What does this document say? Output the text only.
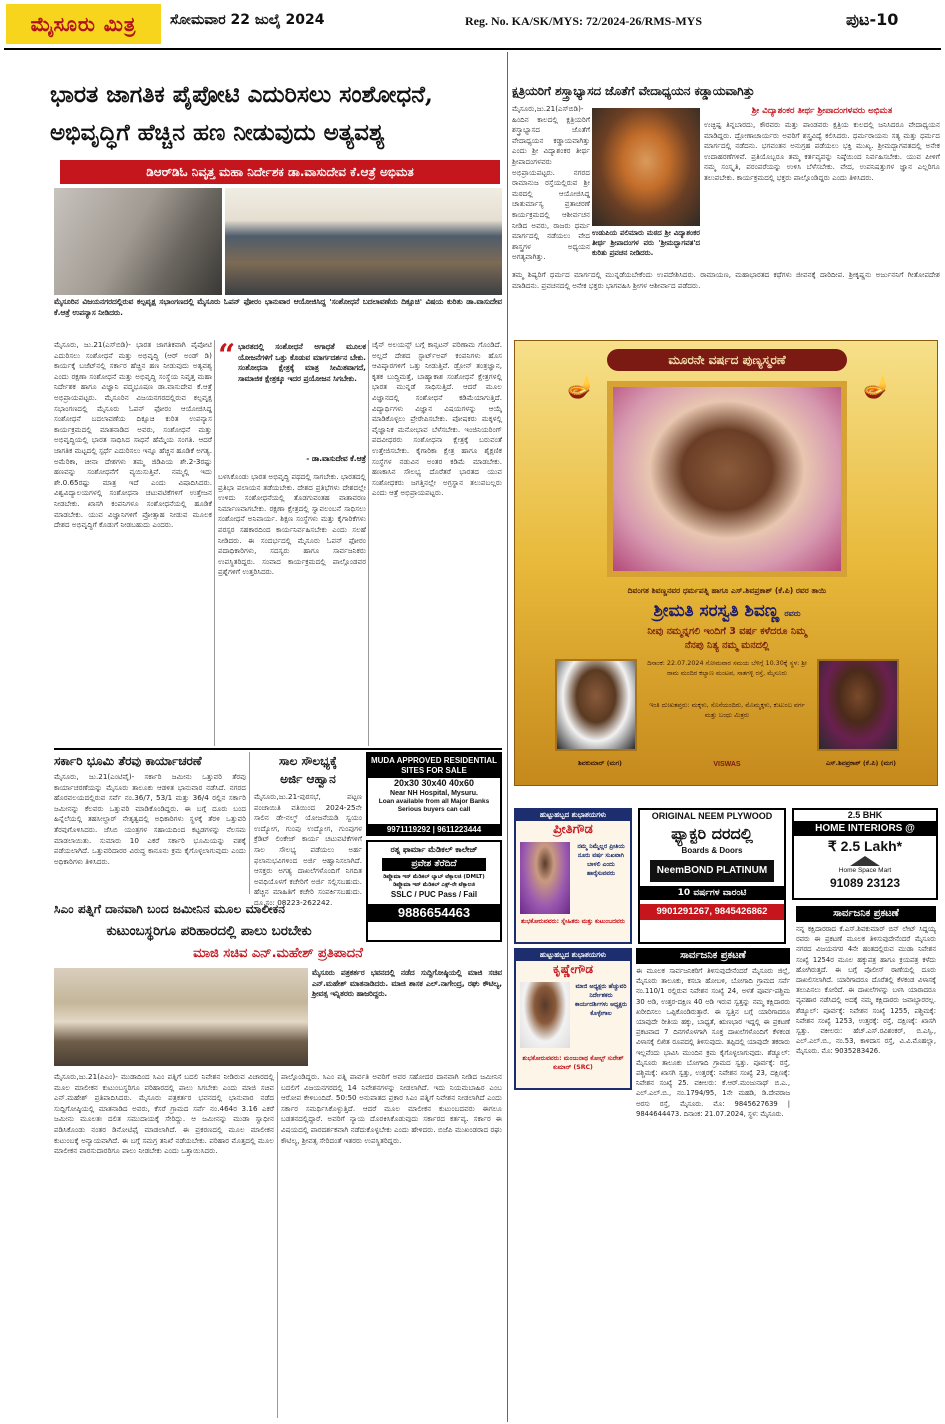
ಮೈಸೂರು ಮಿತ್ರ	ಸೋಮವಾರ 22 ಜುಲೈ 2024	Reg. No. KA/SK/MYS: 72/2024-26/RMS-MYS	ಪುಟ-10
ಭಾರತ ಜಾಗತಿಕ ಪೈಪೋಟಿ ಎದುರಿಸಲು ಸಂಶೋಧನೆ,
ಅಭಿವೃದ್ಧಿಗೆ ಹೆಚ್ಚಿನ ಹಣ ನೀಡುವುದು ಅತ್ಯವಶ್ಯ
ಡಿಆರ್‌ಡಿಓ ನಿವೃತ್ತ ಮಹಾ ನಿರ್ದೇಶಕ ಡಾ.ವಾಸುದೇವ ಕೆ.ಆತ್ರೆ ಅಭಿಮತ
ಮೈಸೂರಿನ ವಿಜಯನಗರದಲ್ಲಿರುವ ಕಲ್ಪವೃಕ್ಷ ಸಭಾಂಗಣದಲ್ಲಿ ಮೈಸೂರು ಓಪನ್ ಫೋರಂ ಭಾನುವಾರ ಆಯೋಜಿಸಿದ್ದ 'ಸಂಶೋಧನೆ ಬದಲಾವಣೆಯ ದಿಕ್ಸೂಚಿ' ವಿಷಯ ಕುರಿತು ಡಾ.ವಾಸುದೇವ ಕೆ.ಆತ್ರೆ ಉಪನ್ಯಾಸ ನೀಡಿದರು.
ಮೈಸೂರು, ಜು.21(ಎಸ್‌ಬಿಡಿ)- ಭಾರತ ಜಾಗತಿಕವಾಗಿ ಪೈಪೋಟಿ ಎದುರಿಸಲು ಸಂಶೋಧನೆ ಮತ್ತು ಅಭಿವೃದ್ಧಿ (ಆರ್ ಅಂಡ್ ಡಿ) ಕಾರ್ಯಕ್ಕೆ ಬಜೆಟ್‌ನಲ್ಲಿ ಸರ್ಕಾರ ಹೆಚ್ಚಿನ ಹಣ ನೀಡುವುದು ಅತ್ಯವಶ್ಯ ಎಂದು ರಕ್ಷಣಾ ಸಂಶೋಧನೆ ಮತ್ತು ಅಭಿವೃದ್ಧಿ ಸಂಸ್ಥೆಯ ನಿವೃತ್ತ ಮಹಾ ನಿರ್ದೇಶಕ ಹಾಗೂ ವಿಜ್ಞಾನಿ ಪದ್ಮಭೂಷಣ ಡಾ.ವಾಸುದೇವ ಕೆ.ಆತ್ರೆ ಅಭಿಪ್ರಾಯಪಟ್ಟರು. ಮೈಸೂರಿನ ವಿಜಯನಗರದಲ್ಲಿರುವ ಕಲ್ಪವೃಕ್ಷ ಸಭಾಂಗಣದಲ್ಲಿ ಮೈಸೂರು ಓಪನ್ ಫೋರಂ ಆಯೋಜಿಸಿದ್ದ ಸಂಶೋಧನೆ ಬದಲಾವಣೆಯ ದಿಕ್ಸೂಚಿ ಕುರಿತ ಉಪನ್ಯಾಸ ಕಾರ್ಯಕ್ರಮದಲ್ಲಿ ಮಾತನಾಡಿದ ಅವರು, ಸಂಶೋಧನೆ ಮತ್ತು ಅಭಿವೃದ್ಧಿಯಲ್ಲಿ ಭಾರತ ಸಾಧಿಸಿದ ಸಾಧನೆ ಹೆಮ್ಮೆಯ ಸಂಗತಿ. ಆದರೆ ಜಾಗತಿಕ ಮಟ್ಟದಲ್ಲಿ ಸ್ಪರ್ಧೆ ಎದುರಿಸಲು ಇನ್ನೂ ಹೆಚ್ಚಿನ ಹೂಡಿಕೆ ಅಗತ್ಯ. ಅಮೆರಿಕಾ, ಚೀನಾ ದೇಶಗಳು ತಮ್ಮ ಜಿಡಿಪಿಯ ಶೇ.2-3ರಷ್ಟು ಹಣವನ್ನು ಸಂಶೋಧನೆಗೆ ವ್ಯಯಿಸುತ್ತಿವೆ. ನಮ್ಮಲ್ಲಿ ಇದು ಶೇ.0.65ರಷ್ಟು ಮಾತ್ರ ಇದೆ ಎಂದು ವಿಷಾದಿಸಿದರು. ವಿಶ್ವವಿದ್ಯಾಲಯಗಳಲ್ಲಿ ಸಂಶೋಧನಾ ಚಟುವಟಿಕೆಗಳಿಗೆ ಉತ್ತೇಜನ ನೀಡಬೇಕು. ಖಾಸಗಿ ಕಂಪನಿಗಳೂ ಸಂಶೋಧನೆಯಲ್ಲಿ ಹೂಡಿಕೆ ಮಾಡಬೇಕು. ಯುವ ವಿಜ್ಞಾನಿಗಳಿಗೆ ಪ್ರೋತ್ಸಾಹ ನೀಡುವ ಮೂಲಕ ದೇಶದ ಅಭಿವೃದ್ಧಿಗೆ ಕೊಡುಗೆ ನೀಡಬಹುದು ಎಂದರು.
“ ಭಾರತದಲ್ಲಿ ಸಂಶೋಧನೆ ಅಗಾಧತೆ ಮೂಲಕ ಯೋಜನೆಗಳಿಗೆ ಒತ್ತು ಕೊಡುವ ಮಾರ್ಗದರ್ಶನ ಬೇಕು. ಸಂಶೋಧನಾ ಕ್ಷೇತ್ರಕ್ಕೆ ಮಾತ್ರ ಸೀಮಿತವಾಗದೆ, ಸಾಮಾಜಿಕ ಕ್ಷೇತ್ರಕ್ಕೂ ಇದರ ಪ್ರಯೋಜನ ಸಿಗಬೇಕು.
- ಡಾ.ವಾಸುದೇವ ಕೆ.ಆತ್ರೆ
ಬಳಸಿಕೊಂಡು ಭಾರತ ಅಭಿವೃದ್ಧಿ ಪಥದಲ್ಲಿ ಸಾಗಬೇಕು. ಭಾರತದಲ್ಲಿ ಪ್ರತಿಭಾ ಪಲಾಯನ ತಡೆಯಬೇಕು. ದೇಶದ ಪ್ರತಿಭೆಗಳು ದೇಶದಲ್ಲೇ ಉಳಿದು ಸಂಶೋಧನೆಯಲ್ಲಿ ತೊಡಗುವಂತಹ ವಾತಾವರಣ ನಿರ್ಮಾಣವಾಗಬೇಕು. ರಕ್ಷಣಾ ಕ್ಷೇತ್ರದಲ್ಲಿ ಸ್ವಾವಲಂಬನೆ ಸಾಧಿಸಲು ಸಂಶೋಧನೆ ಅನಿವಾರ್ಯ. ಶಿಕ್ಷಣ ಸಂಸ್ಥೆಗಳು ಮತ್ತು ಕೈಗಾರಿಕೆಗಳು ಪರಸ್ಪರ ಸಹಕಾರದಿಂದ ಕಾರ್ಯನಿರ್ವಹಿಸಬೇಕು ಎಂದು ಸಲಹೆ ನೀಡಿದರು. ಈ ಸಂದರ್ಭದಲ್ಲಿ ಮೈಸೂರು ಓಪನ್ ಫೋರಂ ಪದಾಧಿಕಾರಿಗಳು, ಸದಸ್ಯರು ಹಾಗೂ ಸಾರ್ವಜನಿಕರು ಉಪಸ್ಥಿತರಿದ್ದರು. ಸಂವಾದ ಕಾರ್ಯಕ್ರಮದಲ್ಲಿ ಪಾಲ್ಗೊಂಡವರ ಪ್ರಶ್ನೆಗಳಿಗೆ ಉತ್ತರಿಸಿದರು.
ಚೈನ್ ಅಲಯನ್ಸ್ ಬಗ್ಗೆ ಕಾನ್ಸಟನ್‌ ಪರಿಣಾಮ ಗೊಂಡಿದೆ. ಅಲ್ಲದೆ ದೇಶದ ಸ್ಟಾರ್ಟ್‌ಅಪ್ ಕಂಪನಿಗಳು ಹೊಸ ಆವಿಷ್ಕಾರಗಳಿಗೆ ಒತ್ತು ನೀಡುತ್ತಿವೆ. ಡ್ರೋನ್ ತಂತ್ರಜ್ಞಾನ, ಕೃತಕ ಬುದ್ಧಿಮತ್ತೆ, ಬಾಹ್ಯಾಕಾಶ ಸಂಶೋಧನೆ ಕ್ಷೇತ್ರಗಳಲ್ಲಿ ಭಾರತ ಮುನ್ನಡೆ ಸಾಧಿಸುತ್ತಿದೆ. ಆದರೆ ಮೂಲ ವಿಜ್ಞಾನದಲ್ಲಿ ಸಂಶೋಧನೆ ಕಡಿಮೆಯಾಗುತ್ತಿದೆ. ವಿದ್ಯಾರ್ಥಿಗಳು ವಿಜ್ಞಾನ ವಿಷಯಗಳನ್ನು ಆಯ್ಕೆ ಮಾಡಿಕೊಳ್ಳಲು ಪ್ರೇರೇಪಿಸಬೇಕು. ಪೋಷಕರು ಮಕ್ಕಳಲ್ಲಿ ವೈಜ್ಞಾನಿಕ ಮನೋಭಾವ ಬೆಳೆಸಬೇಕು. ಇಂಜಿನಿಯರಿಂಗ್ ಪದವೀಧರರು ಸಂಶೋಧನಾ ಕ್ಷೇತ್ರಕ್ಕೆ ಬರುವಂತೆ ಉತ್ತೇಜಿಸಬೇಕು. ಕೈಗಾರಿಕಾ ಕ್ಷೇತ್ರ ಹಾಗೂ ಶೈಕ್ಷಣಿಕ ಸಂಸ್ಥೆಗಳ ನಡುವಿನ ಅಂತರ ಕಡಿಮೆ ಮಾಡಬೇಕು. ಹಣಕಾಸಿನ ಸೌಲಭ್ಯ ದೊರೆತರೆ ಭಾರತದ ಯುವ ಸಂಶೋಧಕರು ಜಗತ್ತಿನಲ್ಲೇ ಅಗ್ರಸ್ಥಾನ ತಲುಪಬಲ್ಲರು ಎಂದು ಆತ್ರೆ ಅಭಿಪ್ರಾಯಪಟ್ಟರು.
ಸರ್ಕಾರಿ ಭೂಮಿ ತೆರವು ಕಾರ್ಯಾಚರಣೆ
ಮೈಸೂರು, ಜು.21(ಎಂಟಿವೈ)- ಸರ್ಕಾರಿ ಜಮೀನು ಒತ್ತುವರಿ ತೆರವು ಕಾರ್ಯಾಚರಣೆಯನ್ನು ಮೈಸೂರು ತಾಲೂಕು ಆಡಳಿತ ಭಾನುವಾರ ನಡೆಸಿದೆ. ನಗರದ ಹೊರವಲಯದಲ್ಲಿರುವ ಸರ್ವೆ ನಂ.36/7, 53/1 ಮತ್ತು 36/4 ರಲ್ಲಿನ ಸರ್ಕಾರಿ ಜಮೀನನ್ನು ಕೆಲವರು ಒತ್ತುವರಿ ಮಾಡಿಕೊಂಡಿದ್ದರು. ಈ ಬಗ್ಗೆ ದೂರು ಬಂದ ಹಿನ್ನೆಲೆಯಲ್ಲಿ ತಹಸೀಲ್ದಾರ್ ನೇತೃತ್ವದಲ್ಲಿ ಅಧಿಕಾರಿಗಳು ಸ್ಥಳಕ್ಕೆ ತೆರಳಿ ಒತ್ತುವರಿ ತೆರವುಗೊಳಿಸಿದರು. ಜೆಸಿಬಿ ಯಂತ್ರಗಳ ಸಹಾಯದಿಂದ ಕಟ್ಟಡಗಳನ್ನು ನೆಲಸಮ ಮಾಡಲಾಯಿತು. ಸುಮಾರು 10 ಎಕರೆ ಸರ್ಕಾರಿ ಭೂಮಿಯನ್ನು ವಶಕ್ಕೆ ಪಡೆಯಲಾಗಿದೆ. ಒತ್ತುವರಿದಾರರ ವಿರುದ್ಧ ಕಾನೂನು ಕ್ರಮ ಕೈಗೊಳ್ಳಲಾಗುವುದು ಎಂದು ಅಧಿಕಾರಿಗಳು ತಿಳಿಸಿದರು.
ಸಾಲ ಸೌಲಭ್ಯಕ್ಕೆ
ಅರ್ಜಿ ಆಹ್ವಾನ
ಮೈಸೂರು,ಜು.21-ಪುರಸಭೆ, ಪಟ್ಟಣ ಪಂಚಾಯಿತಿ ವತಿಯಿಂದ 2024-25ನೇ ಸಾಲಿನ ಡೇ-ನಲ್ಮ್ ಯೋಜನೆಯಡಿ ಸ್ವಯಂ ಉದ್ಯೋಗ, ಗುಂಪು ಉದ್ಯೋಗ, ಗುಂಪುಗಳ ಕ್ರೆಡಿಟ್ ಲಿಂಕೇಜ್ ಕಾರ್ಯ ಚಟುವಟಿಕೆಗಳಿಗೆ ಸಾಲ ಸೌಲಭ್ಯ ಪಡೆಯಲು ಅರ್ಹ ಫಲಾನುಭವಿಗಳಿಂದ ಅರ್ಜಿ ಆಹ್ವಾನಿಸಲಾಗಿದೆ. ಆಸಕ್ತರು ಅಗತ್ಯ ದಾಖಲೆಗಳೊಂದಿಗೆ ನಿಗದಿತ ಅವಧಿಯೊಳಗೆ ಕಚೇರಿಗೆ ಅರ್ಜಿ ಸಲ್ಲಿಸಬಹುದು. ಹೆಚ್ಚಿನ ಮಾಹಿತಿಗೆ ಕಚೇರಿ ಸಂಪರ್ಕಿಸಬಹುದು. ದೂ.ಸಂ: 08223-262242.
MUDA APPROVED RESIDENTIAL SITES FOR SALE
20x30 30x40 40x60
Near NH Hospital, Mysuru.
Loan available from all Major Banks
Serious buyers can call
9971119292 | 9611223444
ರತ್ನ ಫಾರ್ಮಾ ಮೆಡಿಕಲ್ ಕಾಲೇಜ್
ಪ್ರವೇಶ ತೆರೆದಿದೆ
ಡಿಪ್ಲೊಮಾ ಇನ್ ಮೆಡಿಕಲ್ ಲ್ಯಾಬ್ ಟೆಕ್ನಾಲಜಿ (DMLT)
ಡಿಪ್ಲೊಮಾ ಇನ್ ಮೆಡಿಕಲ್ ಎಕ್ಸ್-ರೇ ಟೆಕ್ನಾಲಜಿ
SSLC / PUC Pass / Fail
9886654463
ಸಿಎಂ ಪತ್ನಿಗೆ ದಾನವಾಗಿ ಬಂದ ಜಮೀನಿನ ಮೂಲ ಮಾಲೀಕನ
ಕುಟುಂಬಸ್ಥರಿಗೂ ಪರಿಹಾರದಲ್ಲಿ ಪಾಲು ಬರಬೇಕು
ಮಾಜಿ ಸಚಿವ ಎನ್.ಮಹೇಶ್ ಪ್ರತಿಪಾದನೆ
ಮೈಸೂರು ಪತ್ರಕರ್ತರ ಭವನದಲ್ಲಿ ನಡೆದ ಸುದ್ದಿಗೋಷ್ಠಿಯಲ್ಲಿ ಮಾಜಿ ಸಚಿವ ಎನ್.ಮಹೇಶ್ ಮಾತನಾಡಿದರು. ಮಾಜಿ ಶಾಸಕ ಎಲ್.ನಾಗೇಂದ್ರ, ರಘು ಕೌಟಿಲ್ಯ, ಶ್ರೀವತ್ಸ ಇನ್ನಿತರರು ಹಾಜರಿದ್ದರು.
ಮೈಸೂರು,ಜು.21(ಪಿಎಂ)- ಮುಡಾದಿಂದ ಸಿಎಂ ಪತ್ನಿಗೆ ಬದಲಿ ನಿವೇಶನ ನೀಡಿರುವ ವಿಚಾರದಲ್ಲಿ ಮೂಲ ಮಾಲೀಕನ ಕುಟುಂಬಸ್ಥರಿಗೂ ಪರಿಹಾರದಲ್ಲಿ ಪಾಲು ಸಿಗಬೇಕು ಎಂದು ಮಾಜಿ ಸಚಿವ ಎನ್.ಮಹೇಶ್ ಪ್ರತಿಪಾದಿಸಿದರು. ಮೈಸೂರು ಪತ್ರಕರ್ತರ ಭವನದಲ್ಲಿ ಭಾನುವಾರ ನಡೆದ ಸುದ್ದಿಗೋಷ್ಠಿಯಲ್ಲಿ ಮಾತನಾಡಿದ ಅವರು, ಕೆಸರೆ ಗ್ರಾಮದ ಸರ್ವೆ ನಂ.464ರ 3.16 ಎಕರೆ ಜಮೀನು ಮೂಲತಃ ದಲಿತ ಸಮುದಾಯಕ್ಕೆ ಸೇರಿದ್ದು. ಆ ಜಮೀನನ್ನು ಮುಡಾ ಸ್ವಾಧೀನ ಪಡಿಸಿಕೊಂಡು ನಂತರ ಡಿನೋಟಿಫೈ ಮಾಡಲಾಗಿದೆ. ಈ ಪ್ರಕರಣದಲ್ಲಿ ಮೂಲ ಮಾಲೀಕನ ಕುಟುಂಬಕ್ಕೆ ಅನ್ಯಾಯವಾಗಿದೆ. ಈ ಬಗ್ಗೆ ಸಮಗ್ರ ತನಿಖೆ ನಡೆಯಬೇಕು. ಪರಿಹಾರ ಮೊತ್ತದಲ್ಲಿ ಮೂಲ ಮಾಲೀಕನ ವಾರಸುದಾರರಿಗೂ ಪಾಲು ನೀಡಬೇಕು ಎಂದು ಒತ್ತಾಯಿಸಿದರು.
ಪಾಲ್ಗೊಂಡಿದ್ದರು. ಸಿಎಂ ಪತ್ನಿ ಪಾರ್ವತಿ ಅವರಿಗೆ ಅವರ ಸಹೋದರ ದಾನವಾಗಿ ನೀಡಿದ ಜಮೀನಿನ ಬದಲಿಗೆ ವಿಜಯನಗರದಲ್ಲಿ 14 ನಿವೇಶನಗಳನ್ನು ನೀಡಲಾಗಿದೆ. ಇದು ನಿಯಮಬಾಹಿರ ಎಂಬ ಆರೋಪ ಕೇಳಿಬಂದಿದೆ. 50:50 ಅನುಪಾತದ ಪ್ರಕಾರ ಸಿಎಂ ಪತ್ನಿಗೆ ನಿವೇಶನ ನೀಡಲಾಗಿದೆ ಎಂದು ಸರ್ಕಾರ ಸಮರ್ಥಿಸಿಕೊಳ್ಳುತ್ತಿದೆ. ಆದರೆ ಮೂಲ ಮಾಲೀಕನ ಕುಟುಂಬದವರು ಈಗಲೂ ಬಡತನದಲ್ಲಿದ್ದಾರೆ. ಅವರಿಗೆ ನ್ಯಾಯ ದೊರಕಿಸಿಕೊಡುವುದು ಸರ್ಕಾರದ ಕರ್ತವ್ಯ. ಸರ್ಕಾರ ಈ ವಿಷಯದಲ್ಲಿ ಪಾರದರ್ಶಕವಾಗಿ ನಡೆದುಕೊಳ್ಳಬೇಕು ಎಂದು ಹೇಳಿದರು. ಬಿಜೆಪಿ ಮುಖಂಡರಾದ ರಘು ಕೌಟಿಲ್ಯ, ಶ್ರೀವತ್ಸ ಸೇರಿದಂತೆ ಇತರರು ಉಪಸ್ಥಿತರಿದ್ದರು.
ಕ್ಷತ್ರಿಯರಿಗೆ ಶಸ್ತ್ರಾಭ್ಯಾಸದ ಜೊತೆಗೆ ವೇದಾಧ್ಯಯನ ಕಡ್ಡಾಯವಾಗಿತ್ತು
ಮೈಸೂರು,ಜು.21(ಎಸ್‌ಬಿಡಿ)- ಹಿಂದಿನ ಕಾಲದಲ್ಲಿ ಕ್ಷತ್ರಿಯರಿಗೆ ಶಸ್ತ್ರಾಭ್ಯಾಸದ ಜೊತೆಗೆ ವೇದಾಧ್ಯಯನ ಕಡ್ಡಾಯವಾಗಿತ್ತು ಎಂದು ಶ್ರೀ ವಿದ್ಯಾಶಂಕರ ತೀರ್ಥ ಶ್ರೀಪಾದಂಗಳವರು ಅಭಿಪ್ರಾಯಪಟ್ಟರು. ನಗರದ ರಾಮಾನುಜ ರಸ್ತೆಯಲ್ಲಿರುವ ಶ್ರೀ ಮಠದಲ್ಲಿ ಆಯೋಜಿಸಿದ್ದ ಚಾತುರ್ಮಾಸ್ಯ ವ್ರತಾಚರಣೆ ಕಾರ್ಯಕ್ರಮದಲ್ಲಿ ಆಶೀರ್ವಚನ ನೀಡಿದ ಅವರು, ರಾಜರು ಧರ್ಮ ಮಾರ್ಗದಲ್ಲಿ ನಡೆಯಲು ವೇದ ಶಾಸ್ತ್ರಗಳ ಅಧ್ಯಯನ ಅಗತ್ಯವಾಗಿತ್ತು.
ಉಡುಪಿಯ ಪಲಿಮಾರು ಮಠದ ಶ್ರೀ ವಿದ್ಯಾಶಂಕರ ತೀರ್ಥ ಶ್ರೀಪಾದಂಗಳ ವರು 'ಶ್ರೀಮದ್ಭಾಗವತ'ದ ಕುರಿತು ಪ್ರವಚನ ನೀಡಿದರು.
ಶ್ರೀ ವಿದ್ಯಾಶಂಕರ ತೀರ್ಥ ಶ್ರೀಪಾದಂಗಳವರು ಅಭಿಮತ
ಉಚ್ಛಿಷ್ಟ ತಿನ್ನಬಾರದು, ಕೌರವರು ಮತ್ತು ಪಾಂಡವರು ಕ್ಷತ್ರಿಯ ಕುಲದಲ್ಲಿ ಜನಿಸಿದರೂ ವೇದಾಧ್ಯಯನ ಮಾಡಿದ್ದರು. ದ್ರೋಣಾಚಾರ್ಯರು ಅವರಿಗೆ ಶಸ್ತ್ರವಿದ್ಯೆ ಕಲಿಸಿದರು. ಧರ್ಮರಾಯನು ಸತ್ಯ ಮತ್ತು ಧರ್ಮದ ಮಾರ್ಗದಲ್ಲಿ ನಡೆದನು. ಭಗವಂತನ ಅನುಗ್ರಹ ಪಡೆಯಲು ಭಕ್ತಿ ಮುಖ್ಯ. ಶ್ರೀಮದ್ಭಾಗವತದಲ್ಲಿ ಅನೇಕ ಉದಾಹರಣೆಗಳಿವೆ. ಪ್ರತಿಯೊಬ್ಬರೂ ತಮ್ಮ ಕರ್ತವ್ಯವನ್ನು ನಿಷ್ಠೆಯಿಂದ ನಿರ್ವಹಿಸಬೇಕು. ಯುವ ಪೀಳಿಗೆ ನಮ್ಮ ಸಂಸ್ಕೃತಿ, ಪರಂಪರೆಯನ್ನು ಉಳಿಸಿ ಬೆಳೆಸಬೇಕು. ವೇದ, ಉಪನಿಷತ್ತುಗಳ ಜ್ಞಾನ ಎಲ್ಲರಿಗೂ ತಲುಪಬೇಕು. ಕಾರ್ಯಕ್ರಮದಲ್ಲಿ ಭಕ್ತರು ಪಾಲ್ಗೊಂಡಿದ್ದರು ಎಂದು ತಿಳಿಸಿದರು.
ತಮ್ಮ ಶಿಷ್ಯರಿಗೆ ಧರ್ಮದ ಮಾರ್ಗದಲ್ಲಿ ಮುನ್ನಡೆಯಬೇಕೆಂದು ಉಪದೇಶಿಸಿದರು. ರಾಮಾಯಣ, ಮಹಾಭಾರತದ ಕಥೆಗಳು ಜೀವನಕ್ಕೆ ದಾರಿದೀಪ. ಶ್ರೀಕೃಷ್ಣನು ಅರ್ಜುನನಿಗೆ ಗೀತೋಪದೇಶ ಮಾಡಿದನು. ಪ್ರವಚನದಲ್ಲಿ ಅನೇಕ ಭಕ್ತರು ಭಾಗವಹಿಸಿ ಶ್ರೀಗಳ ಆಶೀರ್ವಾದ ಪಡೆದರು.
ಮೂರನೇ ವರ್ಷದ ಪುಣ್ಯಸ್ಮರಣೆ
🪔	🪔
ದಿವಂಗತ ಶಿವಣ್ಣನವರ ಧರ್ಮಪತ್ನಿ ಹಾಗೂ ಎಸ್.ಶಿವಪ್ರಕಾಶ್ (ಕೆ.ಪಿ) ರವರ ತಾಯಿ
ಶ್ರೀಮತಿ ಸರಸ್ವತಿ ಶಿವಣ್ಣ ರವರು
ನೀವು ನಮ್ಮನ್ನಗಲಿ ಇಂದಿಗೆ 3 ವರ್ಷ ಕಳೆದರೂ ನಿಮ್ಮ
ನೆನಪು ನಿತ್ಯ ನಮ್ಮ ಮನದಲ್ಲಿ
ದಿನಾಂಕ: 22.07.2024 ಸೋಮವಾರ ಸಮಯ ಬೆಳಿಗ್ಗೆ 10.30ಕ್ಕೆ ಸ್ಥಳ: ಶ್ರೀ ರಾಮ ಮಂದಿರ ಕಲ್ಯಾಣ ಮಂಟಪ, ಸಾತಗಳ್ಳಿ ರಸ್ತೆ, ಮೈಸೂರು
ಇಂತಿ ದುಃಖತಪ್ತರು: ಮಕ್ಕಳು, ಸೊಸೆಯಂದಿರು, ಮೊಮ್ಮಕ್ಕಳು, ಕುಟುಂಬ ವರ್ಗ ಮತ್ತು ಬಂಧು ಮಿತ್ರರು
ಶಿವಕುಮಾರ್ (ಮಗ)	VISWAS	ಎಸ್.ಶಿವಪ್ರಕಾಶ್ (ಕೆ.ಪಿ) (ಮಗ)
ಹುಟ್ಟುಹಬ್ಬದ ಶುಭಾಶಯಗಳು
ಪ್ರೀತಿಗೌಡ
ನಮ್ಮ ನಿಮ್ಮೆಲ್ಲರ ಪ್ರೀತಿಯ ನೂರು ವರ್ಷ ಸುಖವಾಗಿ ಬಾಳಲಿ ಎಂದು ಹಾರೈಸುವವರು
ಶುಭಕೋರುವವರು: ಸ್ನೇಹಿತರು ಮತ್ತು ಕುಟುಂಬದವರು
ORIGINAL NEEM PLYWOOD
ಫ್ಯಾಕ್ಟರಿ ದರದಲ್ಲಿ
Boards & Doors
NeemBOND PLATINUM
10 ವರ್ಷಗಳ ವಾರಂಟಿ
9901291267, 9845426862
2.5 BHK
HOME INTERIORS @
₹ 2.5 Lakh*
Home Space Mart
91089 23123
ಸಾರ್ವಜನಿಕ ಪ್ರಕಟಣೆ
ನನ್ನ ಕಕ್ಷಿದಾರರಾದ ಕೆ.ಎಸ್.ಶಿವಕುಮಾರ್ ಬಿನ್ ಲೇಟ್ ಸಿದ್ದಯ್ಯ ರವರು ಈ ಪ್ರಕಟಣೆ ಮೂಲಕ ತಿಳಿಸುವುದೇನೆಂದರೆ ಮೈಸೂರು ನಗರದ ವಿಜಯನಗರ 4ನೇ ಹಂತದಲ್ಲಿರುವ ಮುಡಾ ನಿವೇಶನ ಸಂಖ್ಯೆ 1254ರ ಮೂಲ ಹಕ್ಕುಪತ್ರ ಹಾಗೂ ಕ್ರಯಪತ್ರ ಕಳೆದು ಹೋಗಿರುತ್ತದೆ. ಈ ಬಗ್ಗೆ ಪೊಲೀಸ್ ಠಾಣೆಯಲ್ಲಿ ದೂರು ದಾಖಲಿಸಲಾಗಿದೆ. ಯಾರಿಗಾದರೂ ದೊರೆತಲ್ಲಿ ಕೆಳಕಂಡ ವಿಳಾಸಕ್ಕೆ ತಲುಪಿಸಲು ಕೋರಿದೆ. ಈ ದಾಖಲೆಗಳನ್ನು ಬಳಸಿ ಯಾರಾದರೂ ವ್ಯವಹಾರ ನಡೆಸಿದಲ್ಲಿ ಅದಕ್ಕೆ ನಮ್ಮ ಕಕ್ಷಿದಾರರು ಜವಾಬ್ದಾರರಲ್ಲ. ಶೆಡ್ಯೂಲ್: ಪೂರ್ವಕ್ಕೆ: ನಿವೇಶನ ಸಂಖ್ಯೆ 1255, ಪಶ್ಚಿಮಕ್ಕೆ: ನಿವೇಶನ ಸಂಖ್ಯೆ 1253, ಉತ್ತರಕ್ಕೆ: ರಸ್ತೆ, ದಕ್ಷಿಣಕ್ಕೆ: ಖಾಸಗಿ ಸ್ವತ್ತು. ವಕೀಲರು: ಹೆಚ್.ಎಸ್.ರವಿಶಂಕರ್, ಬಿ.ಎಸ್ಸಿ., ಎಲ್.ಎಲ್.ಬಿ., ನಂ.53, ಕಾಳಿದಾಸ ರಸ್ತೆ, ವಿ.ವಿ.ಮೊಹಲ್ಲಾ, ಮೈಸೂರು. ಮೊ: 9035283426.
ಹುಟ್ಟುಹಬ್ಬದ ಶುಭಾಶಯಗಳು
ಕೃಷ್ಣೇಗೌಡ
ಮಾಜಿ ಅಧ್ಯಕ್ಷರು ಹೆಚ್ಚುವರಿ ನಿರ್ದೇಶಕರು ಕಾರ್ಯದರ್ಶಿಗಳು ಅಧ್ಯಕ್ಷರು ಕೊಳ್ಳೇಗಾಲ
ಶುಭಕೋರುವವರು: ಮಂಜುನಾಥ ಕೋಲ್ಟ್ ಸುರೇಶ್ ಕುಮಾರ್ (SRC)
ಸಾರ್ವಜನಿಕ ಪ್ರಕಟಣೆ
ಈ ಮೂಲಕ ಸಾರ್ವಜನಿಕರಿಗೆ ತಿಳಿಸುವುದೇನೆಂದರೆ ಮೈಸೂರು ಜಿಲ್ಲೆ, ಮೈಸೂರು ತಾಲೂಕು, ಕಸಬಾ ಹೋಬಳಿ, ಬೋಗಾದಿ ಗ್ರಾಮದ ಸರ್ವೆ ನಂ.110/1 ರಲ್ಲಿರುವ ನಿವೇಶನ ಸಂಖ್ಯೆ 24, ಅಳತೆ ಪೂರ್ವ-ಪಶ್ಚಿಮ 30 ಅಡಿ, ಉತ್ತರ-ದಕ್ಷಿಣ 40 ಅಡಿ ಇರುವ ಸ್ವತ್ತನ್ನು ನಮ್ಮ ಕಕ್ಷಿದಾರರು ಖರೀದಿಸಲು ಒಪ್ಪಿಕೊಂಡಿರುತ್ತಾರೆ. ಈ ಸ್ವತ್ತಿನ ಬಗ್ಗೆ ಯಾರಿಗಾದರೂ ಯಾವುದೇ ರೀತಿಯ ಹಕ್ಕು, ಬಾಧ್ಯತೆ, ಋಣಭಾರ ಇದ್ದಲ್ಲಿ ಈ ಪ್ರಕಟಣೆ ಪ್ರಕಟವಾದ 7 ದಿನಗಳೊಳಗಾಗಿ ಸೂಕ್ತ ದಾಖಲೆಗಳೊಂದಿಗೆ ಕೆಳಕಂಡ ವಿಳಾಸಕ್ಕೆ ಲಿಖಿತ ರೂಪದಲ್ಲಿ ತಿಳಿಸುವುದು. ತಪ್ಪಿದಲ್ಲಿ ಯಾವುದೇ ತಕರಾರು ಇಲ್ಲವೆಂದು ಭಾವಿಸಿ ಮುಂದಿನ ಕ್ರಮ ಕೈಗೊಳ್ಳಲಾಗುವುದು. ಶೆಡ್ಯೂಲ್: ಮೈಸೂರು ತಾಲೂಕು ಬೋಗಾದಿ ಗ್ರಾಮದ ಸ್ವತ್ತು. ಪೂರ್ವಕ್ಕೆ: ರಸ್ತೆ, ಪಶ್ಚಿಮಕ್ಕೆ: ಖಾಸಗಿ ಸ್ವತ್ತು, ಉತ್ತರಕ್ಕೆ: ನಿವೇಶನ ಸಂಖ್ಯೆ 23, ದಕ್ಷಿಣಕ್ಕೆ: ನಿವೇಶನ ಸಂಖ್ಯೆ 25. ವಕೀಲರು: ಕೆ.ಆರ್.ಮಂಜುನಾಥ್ ಬಿ.ಎ., ಎಲ್.ಎಲ್.ಬಿ., ನಂ.1794/95, 1ನೇ ಮಹಡಿ, ಡಿ.ದೇವರಾಜ ಅರಸು ರಸ್ತೆ, ಮೈಸೂರು. ಮೊ: 9845627639 | 9844644473. ದಿನಾಂಕ: 21.07.2024, ಸ್ಥಳ: ಮೈಸೂರು.
